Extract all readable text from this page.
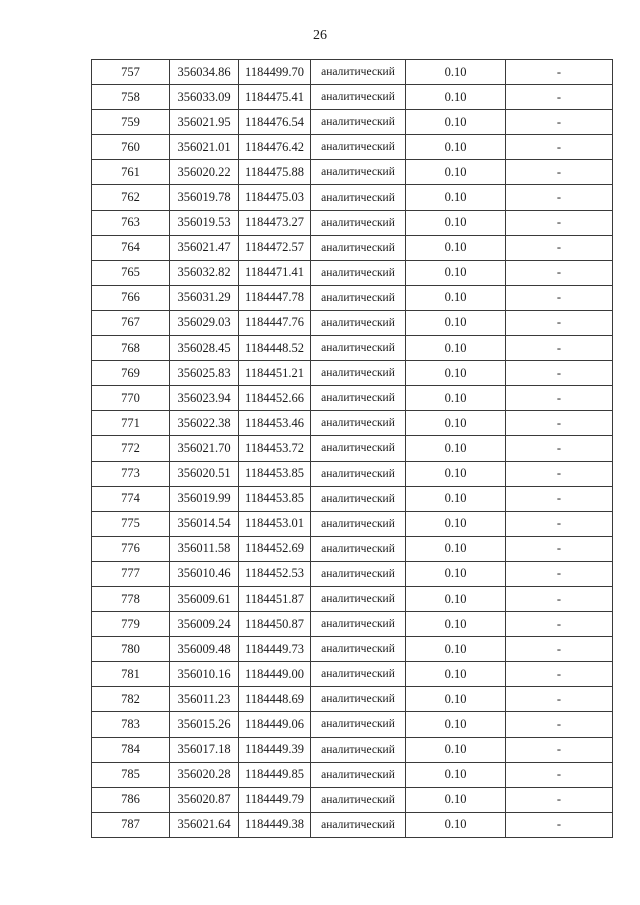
26
757	356034.86	1184499.70	аналитический	0.10	-
758	356033.09	1184475.41	аналитический	0.10	-
759	356021.95	1184476.54	аналитический	0.10	-
760	356021.01	1184476.42	аналитический	0.10	-
761	356020.22	1184475.88	аналитический	0.10	-
762	356019.78	1184475.03	аналитический	0.10	-
763	356019.53	1184473.27	аналитический	0.10	-
764	356021.47	1184472.57	аналитический	0.10	-
765	356032.82	1184471.41	аналитический	0.10	-
766	356031.29	1184447.78	аналитический	0.10	-
767	356029.03	1184447.76	аналитический	0.10	-
768	356028.45	1184448.52	аналитический	0.10	-
769	356025.83	1184451.21	аналитический	0.10	-
770	356023.94	1184452.66	аналитический	0.10	-
771	356022.38	1184453.46	аналитический	0.10	-
772	356021.70	1184453.72	аналитический	0.10	-
773	356020.51	1184453.85	аналитический	0.10	-
774	356019.99	1184453.85	аналитический	0.10	-
775	356014.54	1184453.01	аналитический	0.10	-
776	356011.58	1184452.69	аналитический	0.10	-
777	356010.46	1184452.53	аналитический	0.10	-
778	356009.61	1184451.87	аналитический	0.10	-
779	356009.24	1184450.87	аналитический	0.10	-
780	356009.48	1184449.73	аналитический	0.10	-
781	356010.16	1184449.00	аналитический	0.10	-
782	356011.23	1184448.69	аналитический	0.10	-
783	356015.26	1184449.06	аналитический	0.10	-
784	356017.18	1184449.39	аналитический	0.10	-
785	356020.28	1184449.85	аналитический	0.10	-
786	356020.87	1184449.79	аналитический	0.10	-
787	356021.64	1184449.38	аналитический	0.10	-
